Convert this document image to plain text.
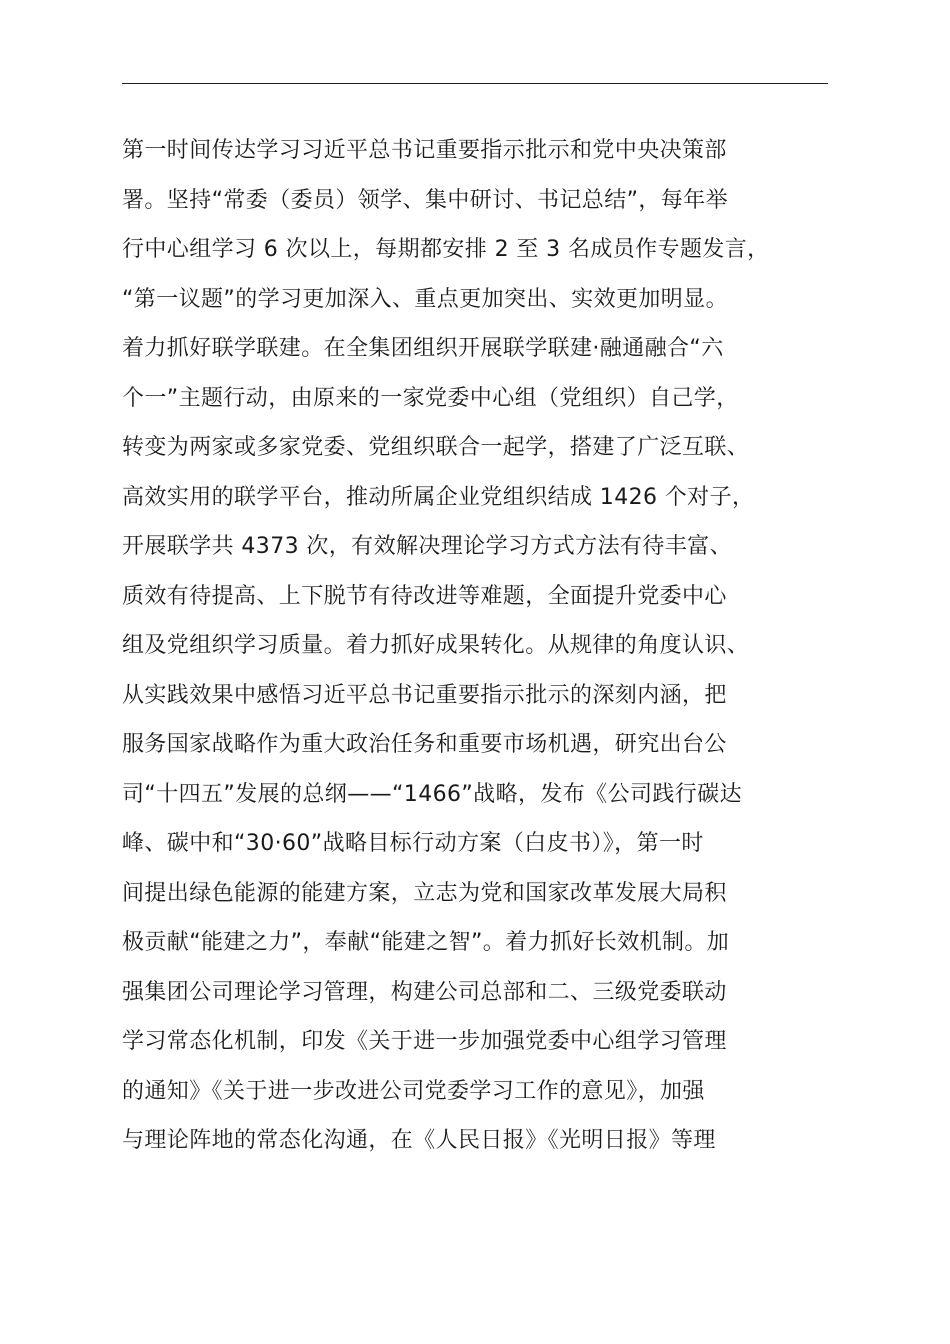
第一时间传达学习习近平总书记重要指示批示和党中央决策部
署。坚持“常委（委员）领学、集中研讨、书记总结”，每年举
行中心组学习 6 次以上，每期都安排 2 至 3 名成员作专题发言，
“第一议题”的学习更加深入、重点更加突出、实效更加明显。
着力抓好联学联建。在全集团组织开展联学联建·融通融合“六
个一”主题行动，由原来的一家党委中心组（党组织）自己学，
转变为两家或多家党委、党组织联合一起学，搭建了广泛互联、
高效实用的联学平台，推动所属企业党组织结成 1426 个对子，
开展联学共 4373 次，有效解决理论学习方式方法有待丰富、
质效有待提高、上下脱节有待改进等难题，全面提升党委中心
组及党组织学习质量。着力抓好成果转化。从规律的角度认识、
从实践效果中感悟习近平总书记重要指示批示的深刻内涵，把
服务国家战略作为重大政治任务和重要市场机遇，研究出台公
司“十四五”发展的总纲——“1466”战略，发布《公司践行碳达
峰、碳中和“30·60”战略目标行动方案（白皮书）》，第一时
间提出绿色能源的能建方案，立志为党和国家改革发展大局积
极贡献“能建之力”，奉献“能建之智”。着力抓好长效机制。加
强集团公司理论学习管理，构建公司总部和二、三级党委联动
学习常态化机制，印发《关于进一步加强党委中心组学习管理
的通知》《关于进一步改进公司党委学习工作的意见》，加强
与理论阵地的常态化沟通，在《人民日报》《光明日报》等理
